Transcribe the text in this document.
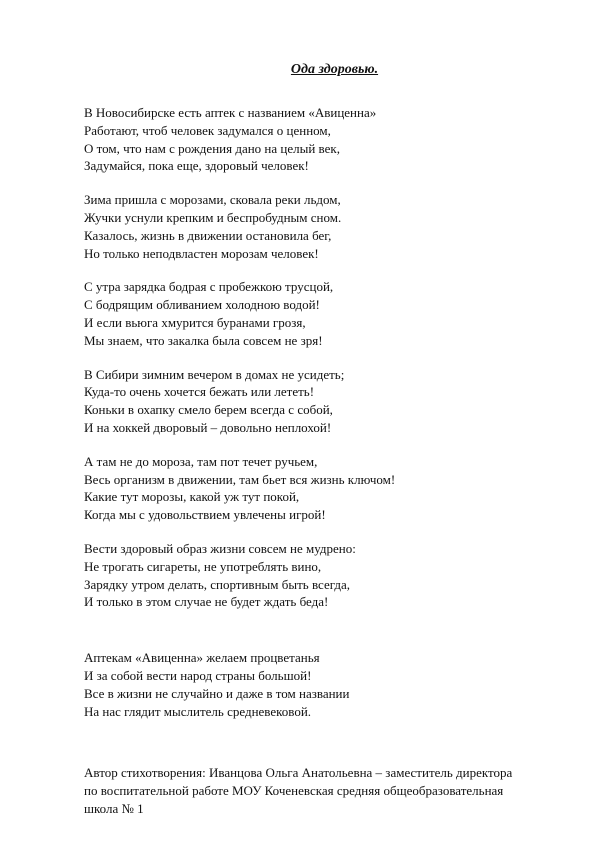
Ода здоровью.
В Новосибирске есть аптек с названием «Авиценна»
Работают, чтоб человек задумался о ценном,
О том, что нам с рождения дано на целый век,
Задумайся, пока еще, здоровый человек!
Зима пришла с морозами, сковала реки льдом,
Жучки уснули крепким и беспробудным сном.
Казалось, жизнь в движении остановила бег,
Но только неподвластен морозам человек!
С утра зарядка бодрая с пробежкою трусцой,
С бодрящим обливанием холодною водой!
И если вьюга хмурится буранами грозя,
Мы знаем, что закалка была совсем не зря!
В Сибири зимним вечером в домах не усидеть;
Куда-то очень хочется бежать или лететь!
Коньки в охапку смело берем всегда с собой,
И на хоккей дворовый – довольно неплохой!
А там не до мороза, там пот течет ручьем,
Весь организм в движении, там бьет вся жизнь ключом!
Какие тут морозы, какой уж тут покой,
Когда мы с удовольствием увлечены игрой!
Вести здоровый образ жизни совсем не мудрено:
Не трогать сигареты, не употреблять вино,
Зарядку утром делать, спортивным быть всегда,
И только в этом случае не будет ждать беда!
Аптекам «Авиценна» желаем процветанья
И за собой вести народ страны большой!
Все в жизни не случайно и даже в том названии
На нас глядит мыслитель средневековой.
Автор стихотворения: Иванцова Ольга Анатольевна – заместитель директора
по воспитательной работе МОУ Коченевская средняя общеобразовательная
школа № 1
